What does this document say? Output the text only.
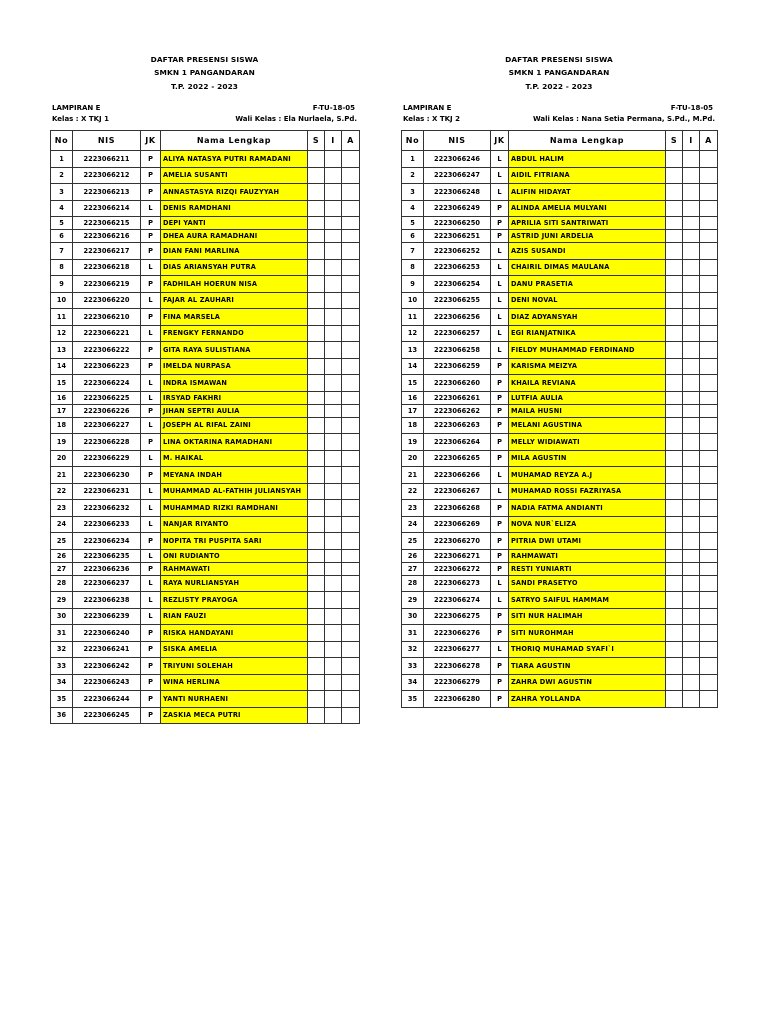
DAFTAR PRESENSI SISWA
SMKN 1 PANGANDARAN
T.P. 2022 - 2023
LAMPIRAN E	F-TU-18-05
Kelas : X TKJ 1	Wali Kelas : Ela Nurlaela, S.Pd.
No	NIS	JK	Nama Lengkap	S	I	A
1	2223066211	P	ALIYA NATASYA PUTRI RAMADANI			
2	2223066212	P	AMELIA SUSANTI			
3	2223066213	P	ANNASTASYA RIZQI FAUZYYAH			
4	2223066214	L	DENIS RAMDHANI			
5	2223066215	P	DEPI YANTI			
6	2223066216	P	DHEA AURA RAMADHANI			
7	2223066217	P	DIAN FANI MARLINA			
8	2223066218	L	DIAS ARIANSYAH PUTRA			
9	2223066219	P	FADHILAH HOERUN NISA			
10	2223066220	L	FAJAR AL ZAUHARI			
11	2223066210	P	FINA MARSELA			
12	2223066221	L	FRENGKY FERNANDO			
13	2223066222	P	GITA RAYA SULISTIANA			
14	2223066223	P	IMELDA NURPASA			
15	2223066224	L	INDRA ISMAWAN			
16	2223066225	L	IRSYAD FAKHRI			
17	2223066226	P	JIHAN SEPTRI AULIA			
18	2223066227	L	JOSEPH AL RIFAL ZAINI			
19	2223066228	P	LINA OKTARINA RAMADHANI			
20	2223066229	L	M. HAIKAL			
21	2223066230	P	MEYANA INDAH			
22	2223066231	L	MUHAMMAD AL-FATHIH JULIANSYAH			
23	2223066232	L	MUHAMMAD RIZKI RAMDHANI			
24	2223066233	L	NANJAR RIYANTO			
25	2223066234	P	NOPITA TRI PUSPITA SARI			
26	2223066235	L	ONI RUDIANTO			
27	2223066236	P	RAHMAWATI			
28	2223066237	L	RAYA NURLIANSYAH			
29	2223066238	L	REZLISTY PRAYOGA			
30	2223066239	L	RIAN FAUZI			
31	2223066240	P	RISKA HANDAYANI			
32	2223066241	P	SISKA AMELIA			
33	2223066242	P	TRIYUNI SOLEHAH			
34	2223066243	P	WINA HERLINA			
35	2223066244	P	YANTI NURHAENI			
36	2223066245	P	ZASKIA MECA PUTRI			
DAFTAR PRESENSI SISWA
SMKN 1 PANGANDARAN
T.P. 2022 - 2023
LAMPIRAN E	F-TU-18-05
Kelas : X TKJ 2	Wali Kelas : Nana Setia Permana, S.Pd., M.Pd.
No	NIS	JK	Nama Lengkap	S	I	A
1	2223066246	L	ABDUL HALIM			
2	2223066247	L	AIDIL FITRIANA			
3	2223066248	L	ALIFIN HIDAYAT			
4	2223066249	P	ALINDA AMELIA MULYANI			
5	2223066250	P	APRILIA SITI SANTRIWATI			
6	2223066251	P	ASTRID JUNI ARDELIA			
7	2223066252	L	AZIS SUSANDI			
8	2223066253	L	CHAIRIL DIMAS MAULANA			
9	2223066254	L	DANU PRASETIA			
10	2223066255	L	DENI NOVAL			
11	2223066256	L	DIAZ ADYANSYAH			
12	2223066257	L	EGI RIANJATNIKA			
13	2223066258	L	FIELDY MUHAMMAD FERDINAND			
14	2223066259	P	KARISMA MEIZYA			
15	2223066260	P	KHAILA REVIANA			
16	2223066261	P	LUTFIA AULIA			
17	2223066262	P	MAILA HUSNI			
18	2223066263	P	MELANI AGUSTINA			
19	2223066264	P	MELLY WIDIAWATI			
20	2223066265	P	MILA AGUSTIN			
21	2223066266	L	MUHAMAD REYZA A.J			
22	2223066267	L	MUHAMAD ROSSI FAZRIYASA			
23	2223066268	P	NADIA FATMA ANDIANTI			
24	2223066269	P	NOVA NUR`ELIZA			
25	2223066270	P	PITRIA DWI UTAMI			
26	2223066271	P	RAHMAWATI			
27	2223066272	P	RESTI YUNIARTI			
28	2223066273	L	SANDI PRASETYO			
29	2223066274	L	SATRYO SAIFUL HAMMAM			
30	2223066275	P	SITI NUR HALIMAH			
31	2223066276	P	SITI NUROHMAH			
32	2223066277	L	THORIQ MUHAMAD SYAFI`I			
33	2223066278	P	TIARA AGUSTIN			
34	2223066279	P	ZAHRA DWI AGUSTIN			
35	2223066280	P	ZAHRA YOLLANDA			
